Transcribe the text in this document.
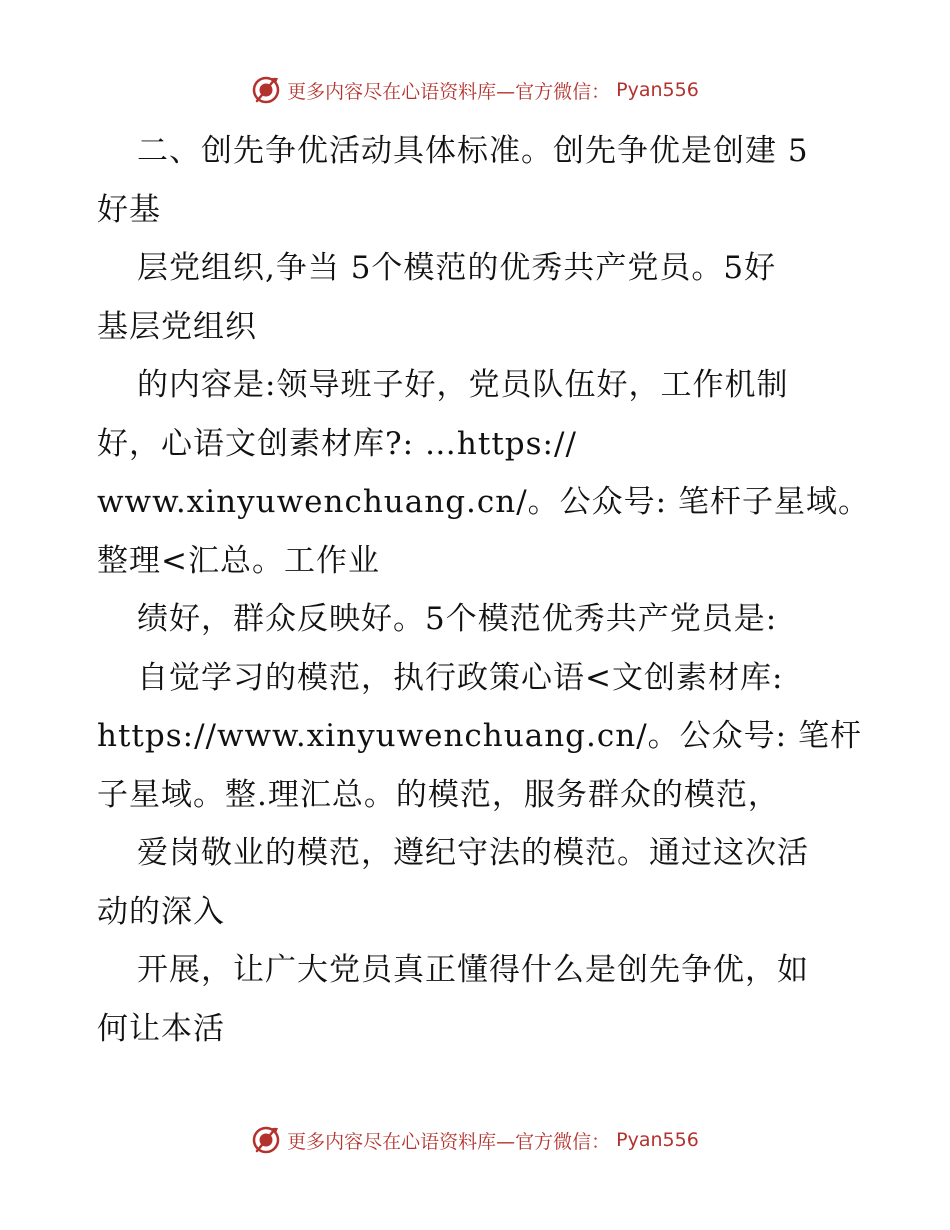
更多内容尽在心语资料库—官方微信： Pyan556
二、创先争优活动具体标准。创先争优是创建 5
好基
层党组织,争当 5个模范的优秀共产党员。5好
基层党组织
的内容是:领导班子好，党员队伍好，工作机制
好，心语文创素材库?: …https://
www.xinyuwenchuang.cn/。公众号: 笔杆子星域。
整理<汇总。工作业
绩好，群众反映好。5个模范优秀共产党员是:
自觉学习的模范，执行政策心语<文创素材库:
https://www.xinyuwenchuang.cn/。公众号: 笔杆
子星域。整.理汇总。的模范，服务群众的模范，
爱岗敬业的模范，遵纪守法的模范。通过这次活
动的深入
开展，让广大党员真正懂得什么是创先争优，如
何让本活
更多内容尽在心语资料库—官方微信： Pyan556
